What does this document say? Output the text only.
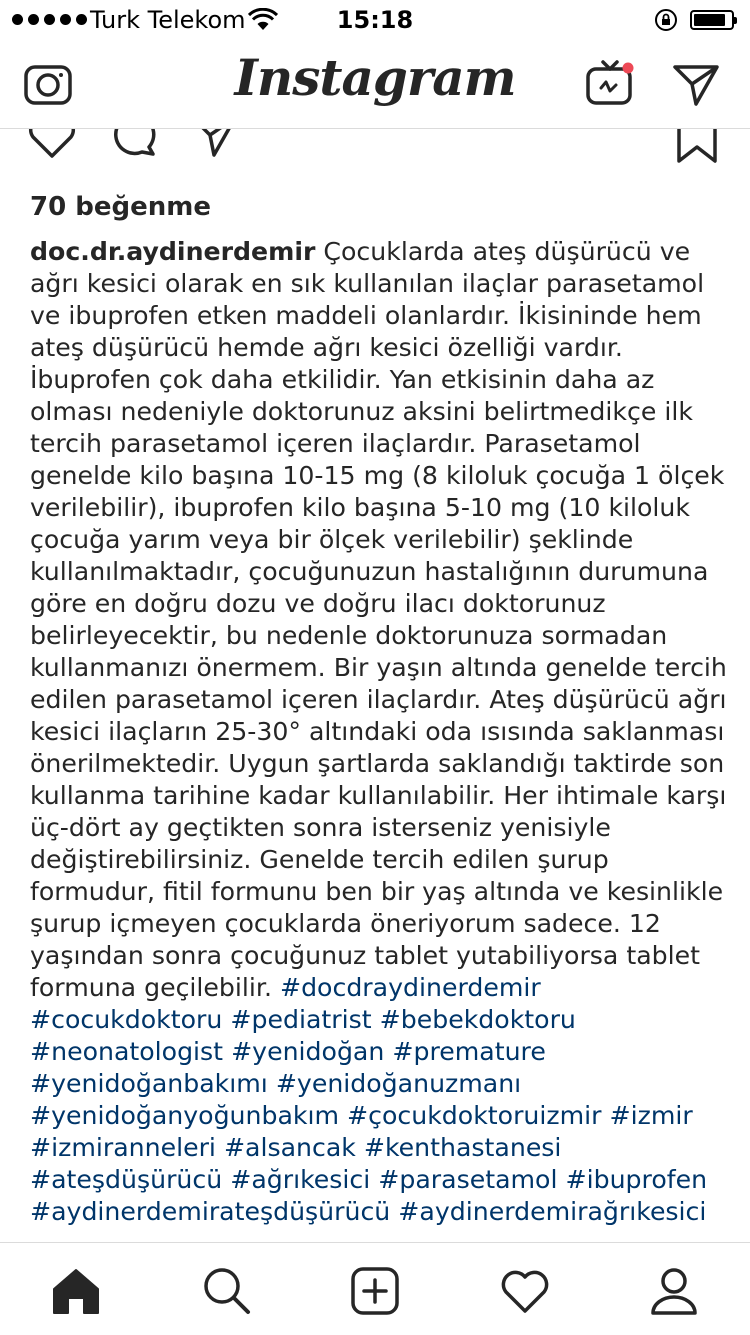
Turk Telekom	15:18
Instagram
70 beğenme

doc.dr.aydinerdemir Çocuklarda ateş düşürücü ve ağrı kesici olarak en sık kullanılan ilaçlar parasetamol ve ibuprofen etken maddeli olanlardır. İkisininde hem ateş düşürücü hemde ağrı kesici özelliği vardır. İbuprofen çok daha etkilidir. Yan etkisinin daha az olması nedeniyle doktorunuz aksini belirtmedikçe ilk tercih parasetamol içeren ilaçlardır. Parasetamol genelde kilo başına 10-15 mg (8 kiloluk çocuğa 1 ölçek verilebilir), ibuprofen kilo başına 5-10 mg (10 kiloluk çocuğa yarım veya bir ölçek verilebilir) şeklinde kullanılmaktadır, çocuğunuzun hastalığının durumuna göre en doğru dozu ve doğru ilacı doktorunuz belirleyecektir, bu nedenle doktorunuza sormadan kullanmanızı önermem. Bir yaşın altında genelde tercih edilen parasetamol içeren ilaçlardır. Ateş düşürücü ağrı kesici ilaçların 25-30° altındaki oda ısısında saklanması önerilmektedir. Uygun şartlarda saklandığı taktirde son kullanma tarihine kadar kullanılabilir. Her ihtimale karşı üç-dört ay geçtikten sonra isterseniz yenisiyle değiştirebilirsiniz. Genelde tercih edilen şurup formudur, fitil formunu ben bir yaş altında ve kesinlikle şurup içmeyen çocuklarda öneriyorum sadece. 12 yaşından sonra çocuğunuz tablet yutabiliyorsa tablet formuna geçilebilir. #docdraydinerdemir #cocukdoktoru #pediatrist #bebekdoktoru #neonatologist #yenidoğan #premature #yenidoğanbakımı #yenidoğanuzmanı #yenidoğanyoğunbakım #çocukdoktoruizmir #izmir #izmiranneleri #alsancak #kenthastanesi #ateşdüşürücü #ağrıkesici #parasetamol #ibuprofen #aydinerdemirateşdüşürücü #aydinerdemirağrıkesici
